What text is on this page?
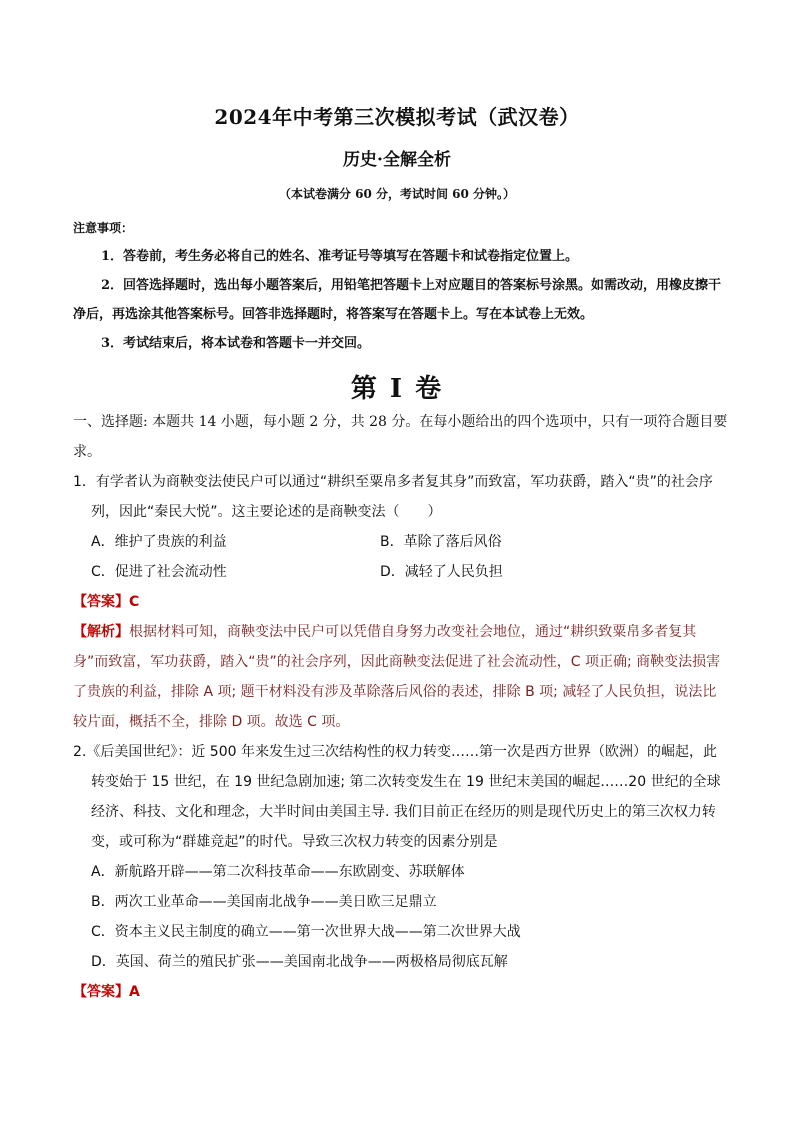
2024年中考第三次模拟考试（武汉卷）
历史·全解全析
（本试卷满分 60 分，考试时间 60 分钟。）
注意事项：
1．答卷前，考生务必将自己的姓名、准考证号等填写在答题卡和试卷指定位置上。
2．回答选择题时，选出每小题答案后，用铅笔把答题卡上对应题目的答案标号涂黑。如需改动，用橡皮擦干净后，再选涂其他答案标号。回答非选择题时，将答案写在答题卡上。写在本试卷上无效。
3．考试结束后，将本试卷和答题卡一并交回。
第 I 卷
一、选择题: 本题共 14 小题，每小题 2 分，共 28 分。在每小题给出的四个选项中，只有一项符合题目要求。
1．有学者认为商鞅变法使民户可以通过“耕织至粟帛多者复其身”而致富，军功获爵，踏入“贵”的社会序列，因此“秦民大悦”。这主要论述的是商鞅变法（　　）
A．维护了贵族的利益	B．革除了落后风俗
C．促进了社会流动性	D．减轻了人民负担
【答案】C
【解析】根据材料可知，商鞅变法中民户可以凭借自身努力改变社会地位，通过“耕织致粟帛多者复其身”而致富，军功获爵，踏入“贵”的社会序列，因此商鞅变法促进了社会流动性，C 项正确; 商鞅变法损害了贵族的利益，排除 A 项; 题干材料没有涉及革除落后风俗的表述，排除 B 项; 减轻了人民负担，说法比较片面，概括不全，排除 D 项。故选 C 项。
2.《后美国世纪》：近 500 年来发生过三次结构性的权力转变……第一次是西方世界（欧洲）的崛起，此转变始于 15 世纪，在 19 世纪急剧加速; 第二次转变发生在 19 世纪末美国的崛起……20 世纪的全球经济、科技、文化和理念，大半时间由美国主导. 我们目前正在经历的则是现代历史上的第三次权力转变，或可称为“群雄竞起”的时代。导致三次权力转变的因素分别是
A．新航路开辟——第二次科技革命——东欧剧变、苏联解体
B．两次工业革命——美国南北战争——美日欧三足鼎立
C．资本主义民主制度的确立——第一次世界大战——第二次世界大战
D．英国、荷兰的殖民扩张——美国南北战争——两极格局彻底瓦解
【答案】A
